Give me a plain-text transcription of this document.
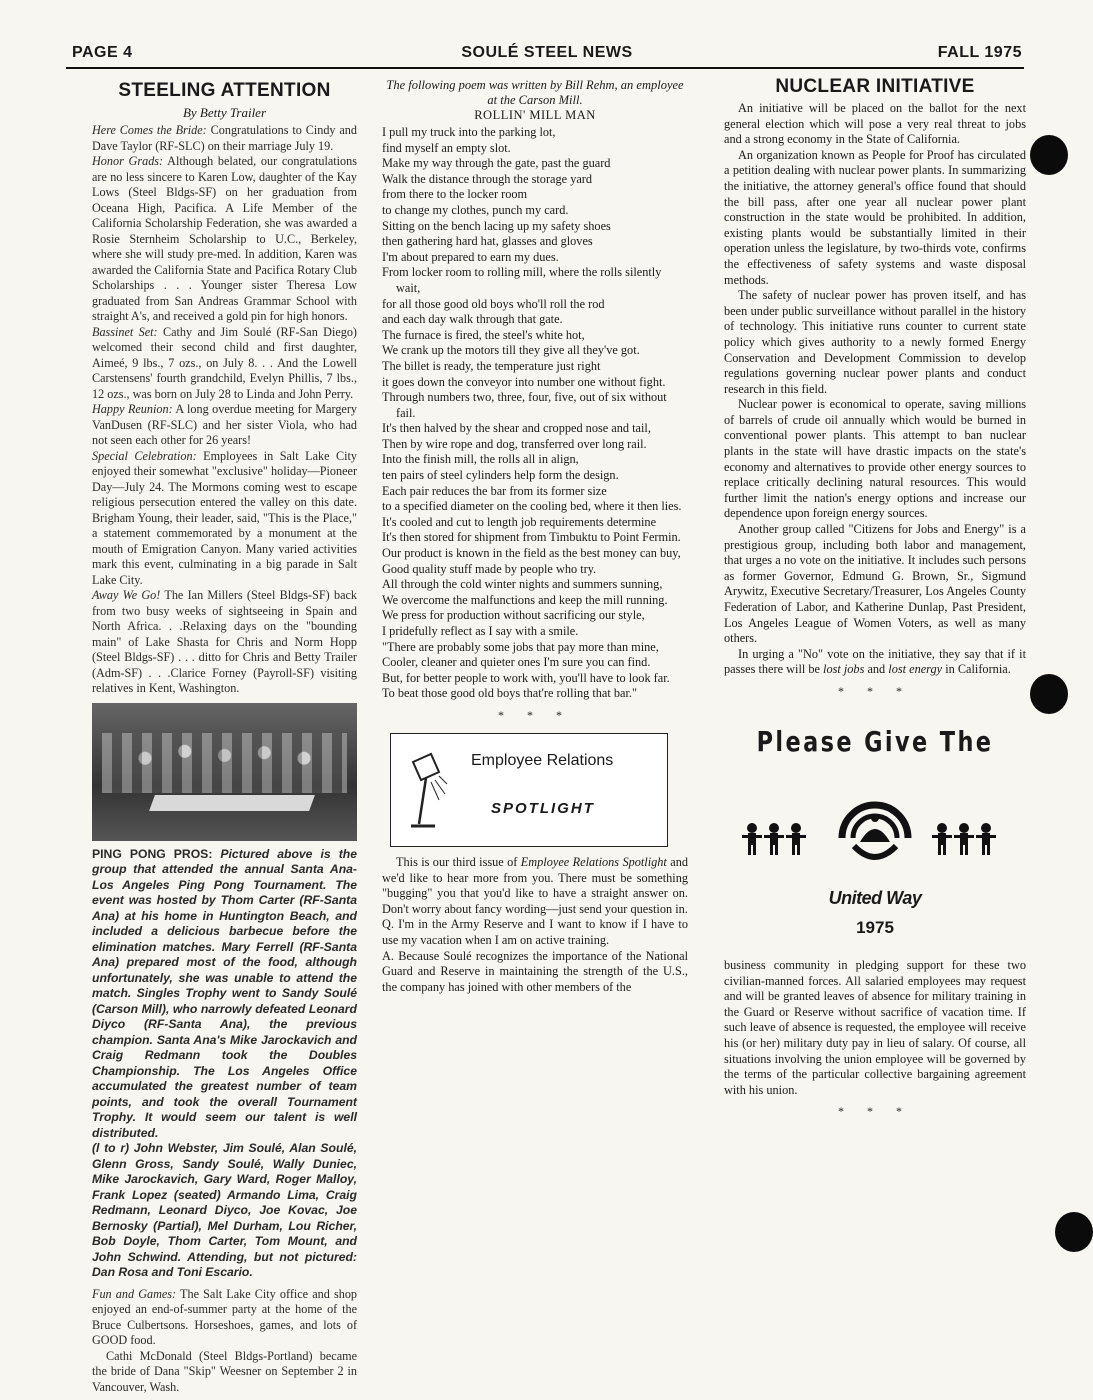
PAGE 4	SOULÉ STEEL NEWS	FALL 1975
STEELING ATTENTION
By Betty Trailer

Here Comes the Bride: Congratulations to Cindy and Dave Taylor (RF-SLC) on their marriage July 19.

Honor Grads: Although belated, our congratulations are no less sincere to Karen Low, daughter of the Kay Lows (Steel Bldgs-SF) on her graduation from Oceana High, Pacifica. A Life Member of the California Scholarship Federation, she was awarded a Rosie Sternheim Scholarship to U.C., Berkeley, where she will study pre-med. In addition, Karen was awarded the California State and Pacifica Rotary Club Scholarships . . . Younger sister Theresa Low graduated from San Andreas Grammar School with straight A's, and received a gold pin for high honors.

Bassinet Set: Cathy and Jim Soulé (RF-San Diego) welcomed their second child and first daughter, Aimeé, 9 lbs., 7 ozs., on July 8. . . And the Lowell Carstensens' fourth grandchild, Evelyn Phillis, 7 lbs., 12 ozs., was born on July 28 to Linda and John Perry.

Happy Reunion: A long overdue meeting for Margery VanDusen (RF-SLC) and her sister Viola, who had not seen each other for 26 years!

Special Celebration: Employees in Salt Lake City enjoyed their somewhat "exclusive" holiday—Pioneer Day—July 24. The Mormons coming west to escape religious persecution entered the valley on this date. Brigham Young, their leader, said, "This is the Place," a statement commemorated by a monument at the mouth of Emigration Canyon. Many varied activities mark this event, culminating in a big parade in Salt Lake City.

Away We Go! The Ian Millers (Steel Bldgs-SF) back from two busy weeks of sightseeing in Spain and North Africa. . .Relaxing days on the "bounding main" of Lake Shasta for Chris and Norm Hopp (Steel Bldgs-SF) . . . ditto for Chris and Betty Trailer (Adm-SF) . . .Clarice Forney (Payroll-SF) visiting relatives in Kent, Washington.

PING PONG PROS: Pictured above is the group that attended the annual Santa Ana-Los Angeles Ping Pong Tournament. The event was hosted by Thom Carter (RF-Santa Ana) at his home in Huntington Beach, and included a delicious barbecue before the elimination matches. Mary Ferrell (RF-Santa Ana) prepared most of the food, although unfortunately, she was unable to attend the match. Singles Trophy went to Sandy Soulé (Carson Mill), who narrowly defeated Leonard Diyco (RF-Santa Ana), the previous champion. Santa Ana's Mike Jarockavich and Craig Redmann took the Doubles Championship. The Los Angeles Office accumulated the greatest number of team points, and took the overall Tournament Trophy. It would seem our talent is well distributed.

(l to r) John Webster, Jim Soulé, Alan Soulé, Glenn Gross, Sandy Soulé, Wally Duniec, Mike Jarockavich, Gary Ward, Roger Malloy, Frank Lopez (seated) Armando Lima, Craig Redmann, Leonard Diyco, Joe Kovac, Joe Bernosky (Partial), Mel Durham, Lou Richer, Bob Doyle, Thom Carter, Tom Mount, and John Schwind. Attending, but not pictured: Dan Rosa and Toni Escario.

Fun and Games: The Salt Lake City office and shop enjoyed an end-of-summer party at the home of the Bruce Culbertsons. Horseshoes, games, and lots of GOOD food.

Cathi McDonald (Steel Bldgs-Portland) became the bride of Dana "Skip" Weesner on September 2 in Vancouver, Wash.

The following poem was written by Bill Rehm, an employee at the Carson Mill.
ROLLIN' MILL MAN
I pull my truck into the parking lot,
find myself an empty slot.
Make my way through the gate, past the guard
Walk the distance through the storage yard
from there to the locker room
to change my clothes, punch my card.
Sitting on the bench lacing up my safety shoes
then gathering hard hat, glasses and gloves
I'm about prepared to earn my dues.
From locker room to rolling mill, where the rolls silently wait,
for all those good old boys who'll roll the rod
and each day walk through that gate.
The furnace is fired, the steel's white hot,
We crank up the motors till they give all they've got.
The billet is ready, the temperature just right
it goes down the conveyor into number one without fight.
Through numbers two, three, four, five, out of six without fail.
It's then halved by the shear and cropped nose and tail,
Then by wire rope and dog, transferred over long rail.
Into the finish mill, the rolls all in align,
ten pairs of steel cylinders help form the design.
Each pair reduces the bar from its former size
to a specified diameter on the cooling bed, where it then lies.
It's cooled and cut to length job requirements determine
It's then stored for shipment from Timbuktu to Point Fermin.
Our product is known in the field as the best money can buy,
Good quality stuff made by people who try.
All through the cold winter nights and summers sunning,
We overcome the malfunctions and keep the mill running.
We press for production without sacrificing our style,
I pridefully reflect as I say with a smile.
"There are probably some jobs that pay more than mine,
Cooler, cleaner and quieter ones I'm sure you can find.
But, for better people to work with, you'll have to look far.
To beat those good old boys that're rolling that bar."
* * *
Employee Relations
SPOTLIGHT

This is our third issue of Employee Relations Spotlight and we'd like to hear more from you. There must be something "bugging" you that you'd like to have a straight answer on. Don't worry about fancy wording—just send your question in.

Q. I'm in the Army Reserve and I want to know if I have to use my vacation when I am on active training.

A. Because Soulé recognizes the importance of the National Guard and Reserve in maintaining the strength of the U.S., the company has joined with other members of the

NUCLEAR INITIATIVE

An initiative will be placed on the ballot for the next general election which will pose a very real threat to jobs and a strong economy in the State of California.

An organization known as People for Proof has circulated a petition dealing with nuclear power plants. In summarizing the initiative, the attorney general's office found that should the bill pass, after one year all nuclear power plant construction in the state would be prohibited. In addition, existing plants would be substantially limited in their operation unless the legislature, by two-thirds vote, confirms the effectiveness of safety systems and waste disposal methods.

The safety of nuclear power has proven itself, and has been under public surveillance without parallel in the history of technology. This initiative runs counter to current state policy which gives authority to a newly formed Energy Conservation and Development Commission to develop regulations governing nuclear power plants and conduct research in this field.

Nuclear power is economical to operate, saving millions of barrels of crude oil annually which would be burned in conventional power plants. This attempt to ban nuclear plants in the state will have drastic impacts on the state's economy and alternatives to provide other energy sources to replace critically declining natural resources. This would further limit the nation's energy options and increase our dependence upon foreign energy sources.

Another group called "Citizens for Jobs and Energy" is a prestigious group, including both labor and management, that urges a no vote on the initiative. It includes such persons as former Governor, Edmund G. Brown, Sr., Sigmund Arywitz, Executive Secretary/Treasurer, Los Angeles County Federation of Labor, and Katherine Dunlap, Past President, Los Angeles League of Women Voters, as well as many others.

In urging a "No" vote on the initiative, they say that if it passes there will be lost jobs and lost energy in California.

* * *
Please Give The
United Way
1975

business community in pledging support for these two civilian-manned forces. All salaried employees may request and will be granted leaves of absence for military training in the Guard or Reserve without sacrifice of vacation time. If such leave of absence is requested, the employee will receive his (or her) military duty pay in lieu of salary. Of course, all situations involving the union employee will be governed by the terms of the particular collective bargaining agreement with his union.

* * *
